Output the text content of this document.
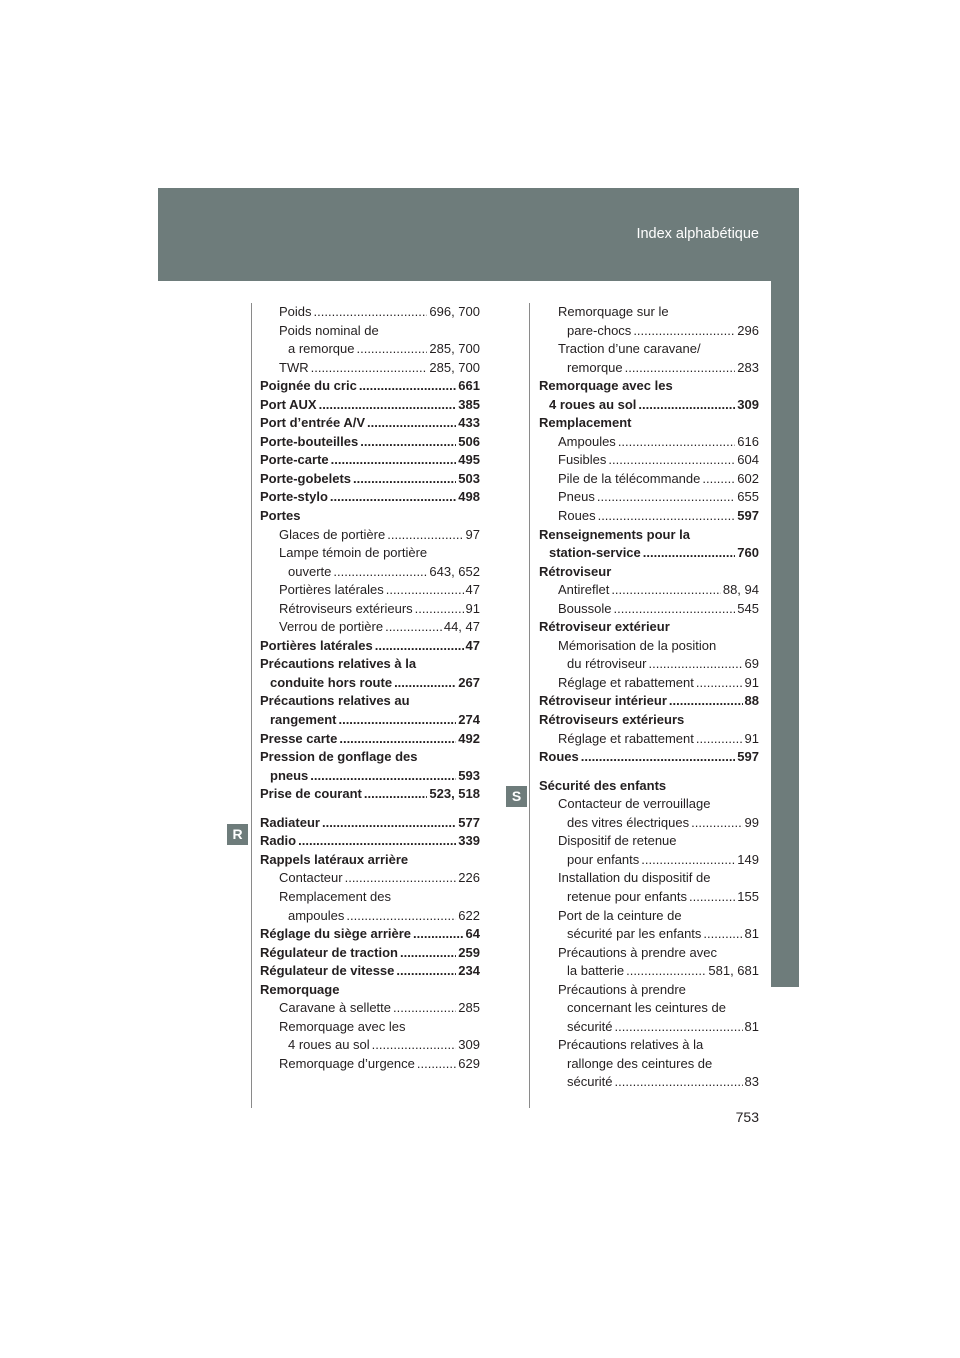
Index alphabétique
Poids .....	696, 700
Poids nominal de
a remorque .....	285, 700
TWR .....	285, 700
Poignée du cric .....	661
Port AUX .....	385
Port d’entrée A/V .....	433
Porte-bouteilles .....	506
Porte-carte .....	495
Porte-gobelets .....	503
Porte-stylo .....	498
Portes
Glaces de portière .....	97
Lampe témoin de portière
ouverte .....	643, 652
Portières latérales .....	47
Rétroviseurs extérieurs .....	91
Verrou de portière .....	44, 47
Portières latérales .....	47
Précautions relatives à la
conduite hors route .....	267
Précautions relatives au
rangement .....	274
Presse carte .....	492
Pression de gonflage des
pneus .....	593
Prise de courant .....	523, 518
Radiateur .....	577
Radio .....	339
Rappels latéraux arrière
Contacteur .....	226
Remplacement des
ampoules .....	622
Réglage du siège arrière .....	64
Régulateur de traction .....	259
Régulateur de vitesse .....	234
Remorquage
Caravane à sellette .....	285
Remorquage avec les
4 roues au sol .....	309
Remorquage d’urgence .....	629
Remorquage sur le
pare-chocs .....	296
Traction d’une caravane/
remorque .....	283
Remorquage avec les
4 roues au sol .....	309
Remplacement
Ampoules .....	616
Fusibles .....	604
Pile de la télécommande .....	602
Pneus .....	655
Roues .....	597
Renseignements pour la
station-service .....	760
Rétroviseur
Antireflet .....	88, 94
Boussole .....	545
Rétroviseur extérieur
Mémorisation de la position
du rétroviseur .....	69
Réglage et rabattement .....	91
Rétroviseur intérieur .....	88
Rétroviseurs extérieurs
Réglage et rabattement .....	91
Roues .....	597
Sécurité des enfants
Contacteur de verrouillage
des vitres électriques .....	99
Dispositif de retenue
pour enfants .....	149
Installation du dispositif de
retenue pour enfants .....	155
Port de la ceinture de
sécurité par les enfants .....	81
Précautions à prendre avec
la batterie .....	581, 681
Précautions à prendre
concernant les ceintures de
sécurité .....	81
Précautions relatives à la
rallonge des ceintures de
sécurité .....	83
R
S
753
